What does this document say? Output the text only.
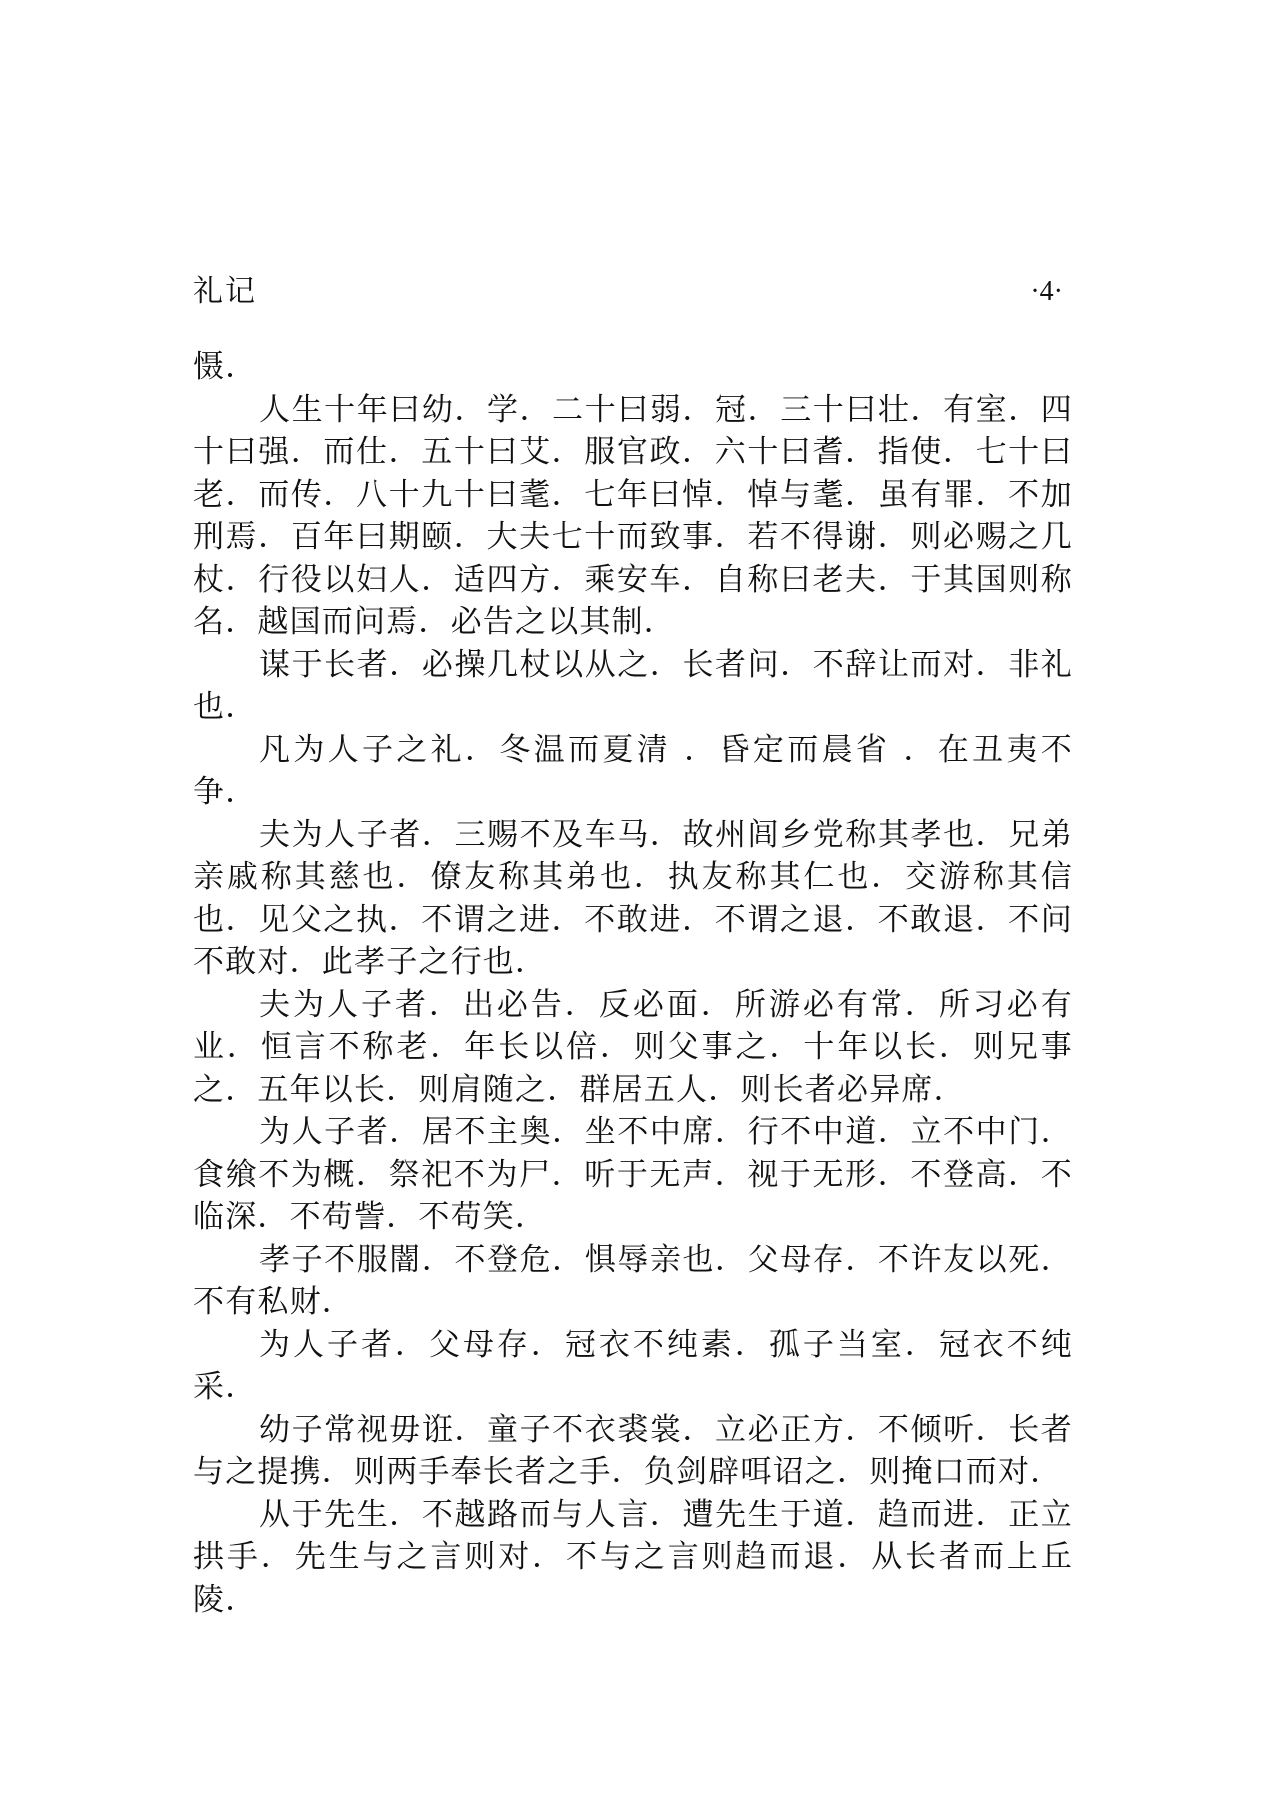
礼记	·4·

慑．

人生十年曰幼．学．二十曰弱．冠．三十曰壮．有室．四十曰强．而仕．五十曰艾．服官政．六十曰耆．指使．七十曰老．而传．八十九十曰耄．七年曰悼．悼与耄．虽有罪．不加刑焉．百年曰期颐．大夫七十而致事．若不得谢．则必赐之几杖．行役以妇人．适四方．乘安车．自称曰老夫．于其国则称名．越国而问焉．必告之以其制．

谋于长者．必操几杖以从之．长者问．不辞让而对．非礼也．

凡为人子之礼．冬温而夏清 ．昏定而晨省 ．在丑夷不争．

夫为人子者．三赐不及车马．故州闾乡党称其孝也．兄弟亲戚称其慈也．僚友称其弟也．执友称其仁也．交游称其信也．见父之执．不谓之进．不敢进．不谓之退．不敢退．不问不敢对．此孝子之行也．

夫为人子者．出必告．反必面．所游必有常．所习必有业．恒言不称老．年长以倍．则父事之．十年以长．则兄事之．五年以长．则肩随之．群居五人．则长者必异席．

为人子者．居不主奥．坐不中席．行不中道．立不中门．食飨不为概．祭祀不为尸．听于无声．视于无形．不登高．不临深．不苟訾．不苟笑．

孝子不服闇．不登危．惧辱亲也．父母存．不许友以死．不有私财．

为人子者．父母存．冠衣不纯素．孤子当室．冠衣不纯采．

幼子常视毋诳．童子不衣裘裳．立必正方．不倾听．长者与之提携．则两手奉长者之手．负剑辟咡诏之．则掩口而对．

从于先生．不越路而与人言．遭先生于道．趋而进．正立拱手．先生与之言则对．不与之言则趋而退．从长者而上丘陵．
